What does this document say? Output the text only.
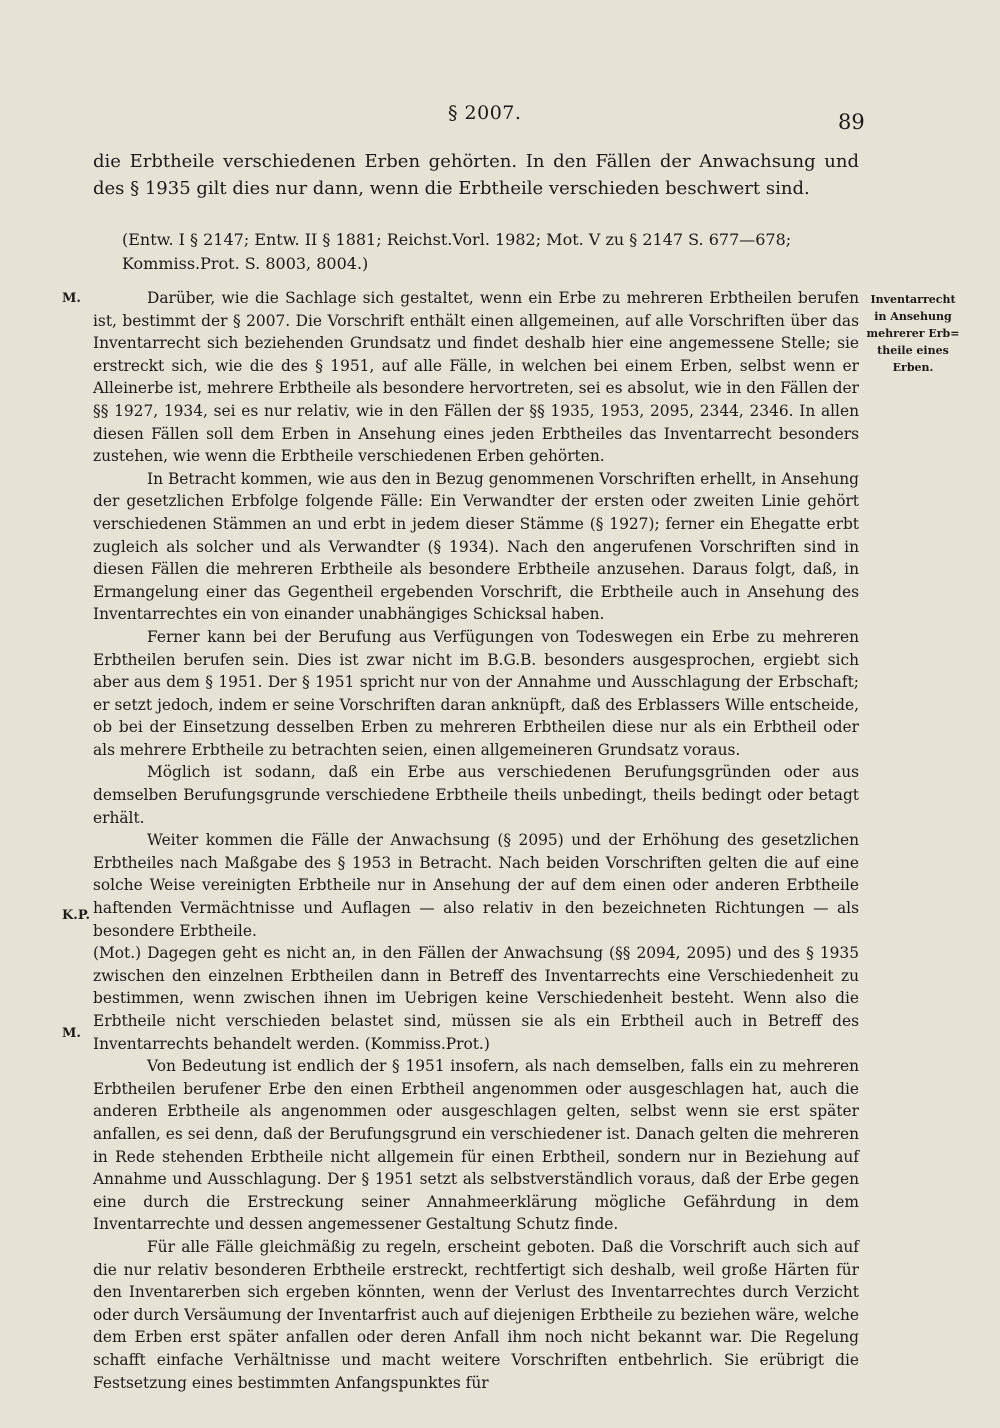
§ 2007.	89
die Erbtheile verschiedenen Erben gehörten. In den Fällen der Anwachsung und des § 1935 gilt dies nur dann, wenn die Erbtheile verschieden beschwert sind.
(Entw. I § 2147; Entw. II § 1881; Reichst.Vorl. 1982; Mot. V zu § 2147 S. 677—678; Kommiss.Prot. S. 8003, 8004.)
M.
K.P.
M.
Inventarrecht
in Ansehung
mehrerer Erb=
theile eines
Erben.

Darüber, wie die Sachlage sich gestaltet, wenn ein Erbe zu mehreren Erbtheilen berufen ist, bestimmt der § 2007. Die Vorschrift enthält einen allgemeinen, auf alle Vorschriften über das Inventarrecht sich beziehenden Grundsatz und findet deshalb hier eine angemessene Stelle; sie erstreckt sich, wie die des § 1951, auf alle Fälle, in welchen bei einem Erben, selbst wenn er Alleinerbe ist, mehrere Erbtheile als besondere hervortreten, sei es absolut, wie in den Fällen der §§ 1927, 1934, sei es nur relativ, wie in den Fällen der §§ 1935, 1953, 2095, 2344, 2346. In allen diesen Fällen soll dem Erben in Ansehung eines jeden Erbtheiles das Inventarrecht besonders zustehen, wie wenn die Erbtheile verschiedenen Erben gehörten.

In Betracht kommen, wie aus den in Bezug genommenen Vorschriften erhellt, in Ansehung der gesetzlichen Erbfolge folgende Fälle: Ein Verwandter der ersten oder zweiten Linie gehört verschiedenen Stämmen an und erbt in jedem dieser Stämme (§ 1927); ferner ein Ehegatte erbt zugleich als solcher und als Verwandter (§ 1934). Nach den angerufenen Vorschriften sind in diesen Fällen die mehreren Erbtheile als besondere Erbtheile anzusehen. Daraus folgt, daß, in Ermangelung einer das Gegentheil ergebenden Vorschrift, die Erbtheile auch in Ansehung des Inventarrechtes ein von einander unabhängiges Schicksal haben.

Ferner kann bei der Berufung aus Verfügungen von Todeswegen ein Erbe zu mehreren Erbtheilen berufen sein. Dies ist zwar nicht im B.G.B. besonders ausgesprochen, ergiebt sich aber aus dem § 1951. Der § 1951 spricht nur von der Annahme und Ausschlagung der Erbschaft; er setzt jedoch, indem er seine Vorschriften daran anknüpft, daß des Erblassers Wille entscheide, ob bei der Einsetzung desselben Erben zu mehreren Erbtheilen diese nur als ein Erbtheil oder als mehrere Erbtheile zu betrachten seien, einen allgemeineren Grundsatz voraus.

Möglich ist sodann, daß ein Erbe aus verschiedenen Berufungsgründen oder aus demselben Berufungsgrunde verschiedene Erbtheile theils unbedingt, theils bedingt oder betagt erhält.

Weiter kommen die Fälle der Anwachsung (§ 2095) und der Erhöhung des gesetzlichen Erbtheiles nach Maßgabe des § 1953 in Betracht. Nach beiden Vorschriften gelten die auf eine solche Weise vereinigten Erbtheile nur in Ansehung der auf dem einen oder anderen Erbtheile haftenden Vermächtnisse und Auflagen — also relativ in den bezeichneten Richtungen — als besondere Erbtheile.

(Mot.) Dagegen geht es nicht an, in den Fällen der Anwachsung (§§ 2094, 2095) und des § 1935 zwischen den einzelnen Erbtheilen dann in Betreff des Inventarrechts eine Verschiedenheit zu bestimmen, wenn zwischen ihnen im Uebrigen keine Verschiedenheit besteht. Wenn also die Erbtheile nicht verschieden belastet sind, müssen sie als ein Erbtheil auch in Betreff des Inventarrechts behandelt werden. (Kommiss.Prot.)

Von Bedeutung ist endlich der § 1951 insofern, als nach demselben, falls ein zu mehreren Erbtheilen berufener Erbe den einen Erbtheil angenommen oder ausgeschlagen hat, auch die anderen Erbtheile als angenommen oder ausgeschlagen gelten, selbst wenn sie erst später anfallen, es sei denn, daß der Berufungsgrund ein verschiedener ist. Danach gelten die mehreren in Rede stehenden Erbtheile nicht allgemein für einen Erbtheil, sondern nur in Beziehung auf Annahme und Ausschlagung. Der § 1951 setzt als selbstverständlich voraus, daß der Erbe gegen eine durch die Erstreckung seiner Annahmeerklärung mögliche Gefährdung in dem Inventarrechte und dessen angemessener Gestaltung Schutz finde.

Für alle Fälle gleichmäßig zu regeln, erscheint geboten. Daß die Vorschrift auch sich auf die nur relativ besonderen Erbtheile erstreckt, rechtfertigt sich deshalb, weil große Härten für den Inventarerben sich ergeben könnten, wenn der Verlust des Inventarrechtes durch Verzicht oder durch Versäumung der Inventarfrist auch auf diejenigen Erbtheile zu beziehen wäre, welche dem Erben erst später anfallen oder deren Anfall ihm noch nicht bekannt war. Die Regelung schafft einfache Verhältnisse und macht weitere Vorschriften entbehrlich. Sie erübrigt die Festsetzung eines bestimmten Anfangspunktes für
